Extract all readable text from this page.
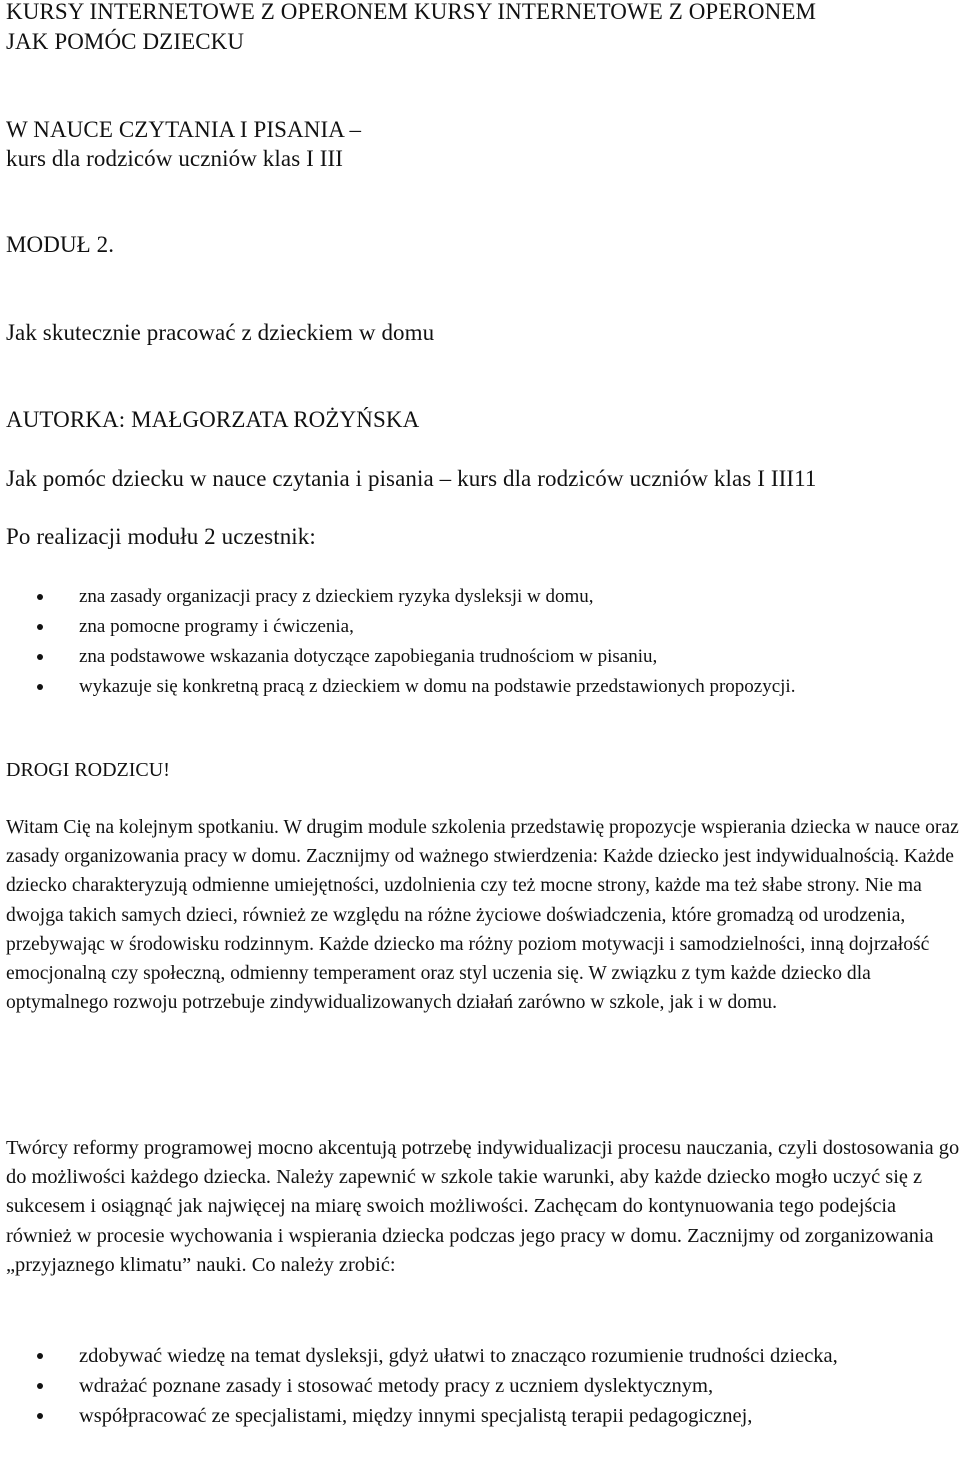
KURSY INTERNETOWE Z OPERONEM KURSY INTERNETOWE Z OPERONEM
JAK POMÓC DZIECKU
W NAUCE CZYTANIA I PISANIA –
kurs dla rodziców uczniów klas I III
MODUŁ 2.
Jak skutecznie pracować z dzieckiem w domu
AUTORKA: MAŁGORZATA ROŻYŃSKA
Jak pomóc dziecku w nauce czytania i pisania – kurs dla rodziców uczniów klas I III11
Po realizacji modułu 2 uczestnik:
zna zasady organizacji pracy z dzieckiem ryzyka dysleksji w domu,
zna pomocne programy i ćwiczenia,
zna podstawowe wskazania dotyczące zapobiegania trudnościom w pisaniu,
wykazuje się konkretną pracą z dzieckiem w domu na podstawie przedstawionych propozycji.
DROGI RODZICU!

Witam Cię na kolejnym spotkaniu. W drugim module szkolenia przedstawię propozycje wspierania dziecka w nauce oraz zasady organizowania pracy w domu. Zacznijmy od ważnego stwierdzenia: Każde dziecko jest indywidualnością. Każde dziecko charakteryzują odmienne umiejętności, uzdolnienia czy też mocne strony, każde ma też słabe strony. Nie ma dwojga takich samych dzieci, również ze względu na różne życiowe doświadczenia, które gromadzą od urodzenia, przebywając w środowisku rodzinnym. Każde dziecko ma różny poziom motywacji i samodzielności, inną dojrzałość emocjonalną czy społeczną, odmienny temperament oraz styl uczenia się. W związku z tym każde dziecko dla optymalnego rozwoju potrzebuje zindywidualizowanych działań zarówno w szkole, jak i w domu.

Twórcy reformy programowej mocno akcentują potrzebę indywidualizacji procesu nauczania, czyli dostosowania go do możliwości każdego dziecka. Należy zapewnić w szkole takie warunki, aby każde dziecko mogło uczyć się z sukcesem i osiągnąć jak najwięcej na miarę swoich możliwości. Zachęcam do kontynuowania tego podejścia również w procesie wychowania i wspierania dziecka podczas jego pracy w domu. Zacznijmy od zorganizowania „przyjaznego klimatu” nauki. Co należy zrobić:

zdobywać wiedzę na temat dysleksji, gdyż ułatwi to znacząco rozumienie trudności dziecka,
wdrażać poznane zasady i stosować metody pracy z uczniem dyslektycznym,
współpracować ze specjalistami, między innymi specjalistą terapii pedagogicznej,
